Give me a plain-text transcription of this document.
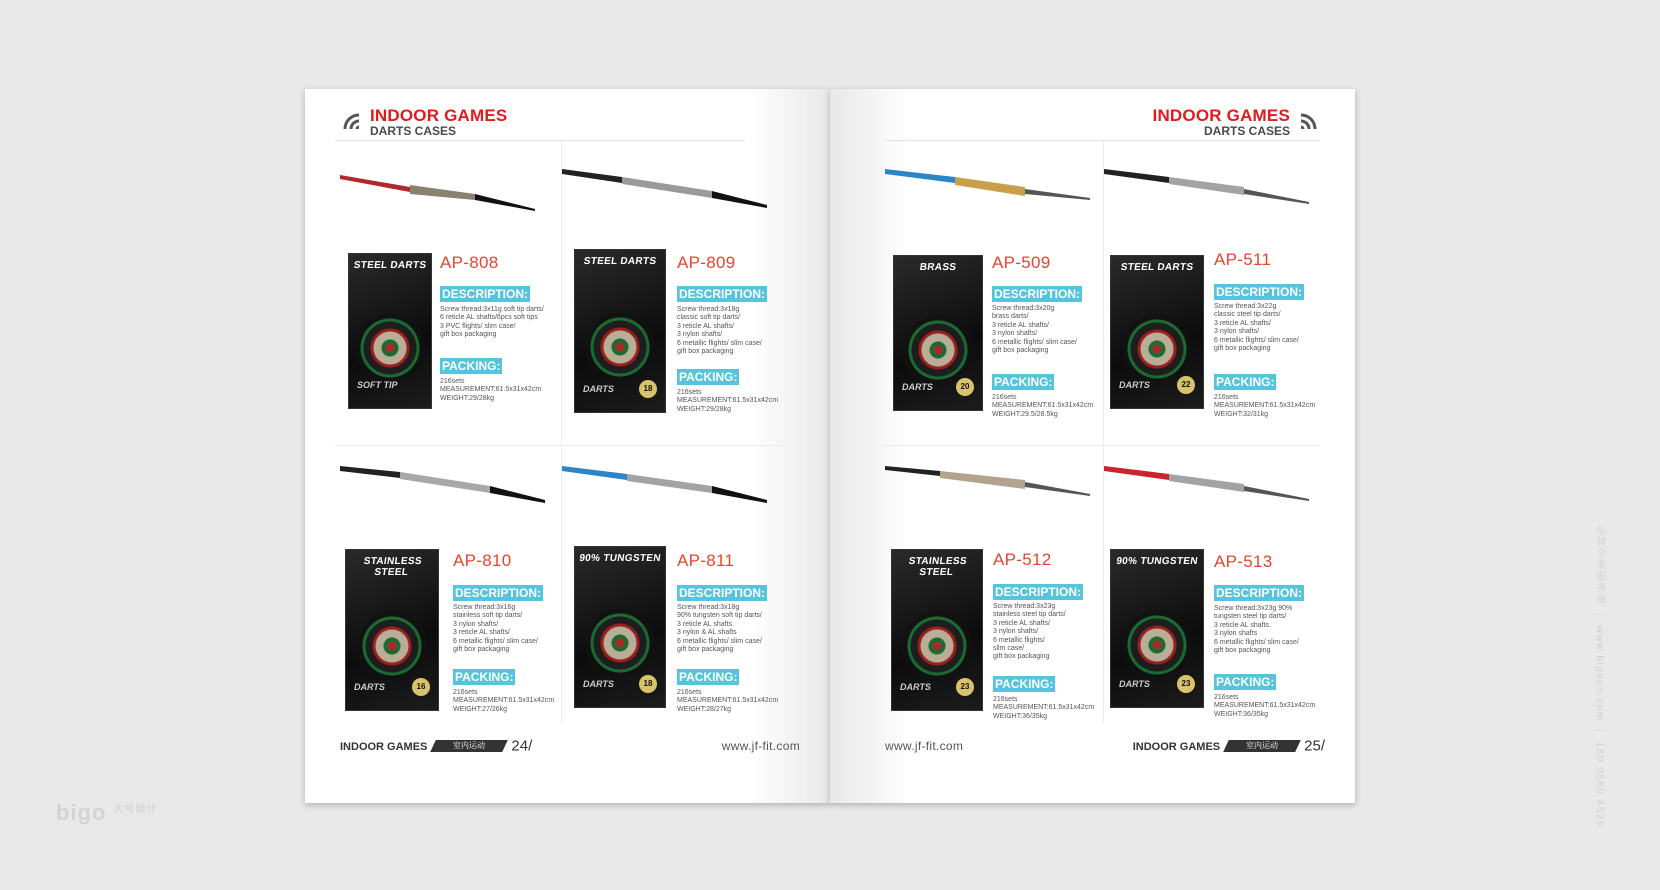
INDOOR GAMES
DARTS CASES
STEEL DARTS
SOFT TIP
AP-808
DESCRIPTION:
Screw thread:3x11g soft tip darts/
6 reticle AL shafts/6pcs soft tips
3 PVC flights/ slim case/
gift box packaging
PACKING:
216sets
MEASUREMENT:61.5x31x42cm
WEIGHT:29/28kg
STEEL DARTS
DARTS	18
AP-809
DESCRIPTION:
Screw thread:3x18g
classic soft tip darts/
3 reticle AL shafts/
3 nylon shafts/
6 metallic flights/ slim case/
gift box packaging
PACKING:
216sets
MEASUREMENT:61.5x31x42cm
WEIGHT:29/28kg
STAINLESS STEEL
DARTS	16
AP-810
DESCRIPTION:
Screw thread:3x16g
stainless soft tip darts/
3 nylon shafts/
3 reticle AL shafts/
6 metallic flights/ slim case/
gift box packaging
PACKING:
216sets
MEASUREMENT:61.5x31x42cm
WEIGHT:27/26kg
90% TUNGSTEN
DARTS	18
AP-811
DESCRIPTION:
Screw thread:3x18g
90% tungsten soft tip darts/
3 reticle AL shafts.
3 nylon & AL shafts
6 metallic flights/ slim case/
gift box packaging
PACKING:
216sets
MEASUREMENT:61.5x31x42cm
WEIGHT:28/27kg
INDOOR GAMES	室内运动 24/	www.jf-fit.com
INDOOR GAMES
DARTS CASES
BRASS
DARTS	20
AP-509
DESCRIPTION:
Screw thread:3x20g
brass darts/
3 reticle AL shafts/
3 nylon shafts/
6 metallic flights/ slim case/
gift box packaging
PACKING:
216sets
MEASUREMENT:61.5x31x42cm
WEIGHT:29.5/28.5kg
STEEL DARTS
DARTS	22
AP-511
DESCRIPTION:
Screw thread:3x22g
classic steel tip darts/
3 reticle AL shafts/
3 nylon shafts/
6 metallic flights/ slim case/
gift box packaging
PACKING:
216sets
MEASUREMENT:61.5x31x42cm
WEIGHT:32/31kg
STAINLESS STEEL
DARTS	23
AP-512
DESCRIPTION:
Screw thread:3x23g
stainless steel tip darts/
3 reticle AL shafts/
3 nylon shafts/
6 metallic flights/
slim case/
gift box packaging
PACKING:
216sets
MEASUREMENT:61.5x31x42cm
WEIGHT:36/35kg
90% TUNGSTEN
DARTS	23
AP-513
DESCRIPTION:
Screw thread:3x23g 90%
tungsten steel tip darts/
3 reticle AL shafts.
3 nylon shafts
6 metallic flights/ slim case/
gift box packaging
PACKING:
216sets
MEASUREMENT:61.5x31x42cm
WEIGHT:36/35kg
www.jf-fit.com	INDOOR GAMES	室内运动 25/	品牌全案服务商 ｜ www.bigocn.com ｜ 180 0560 4526
bigo $^{大可设计}$
